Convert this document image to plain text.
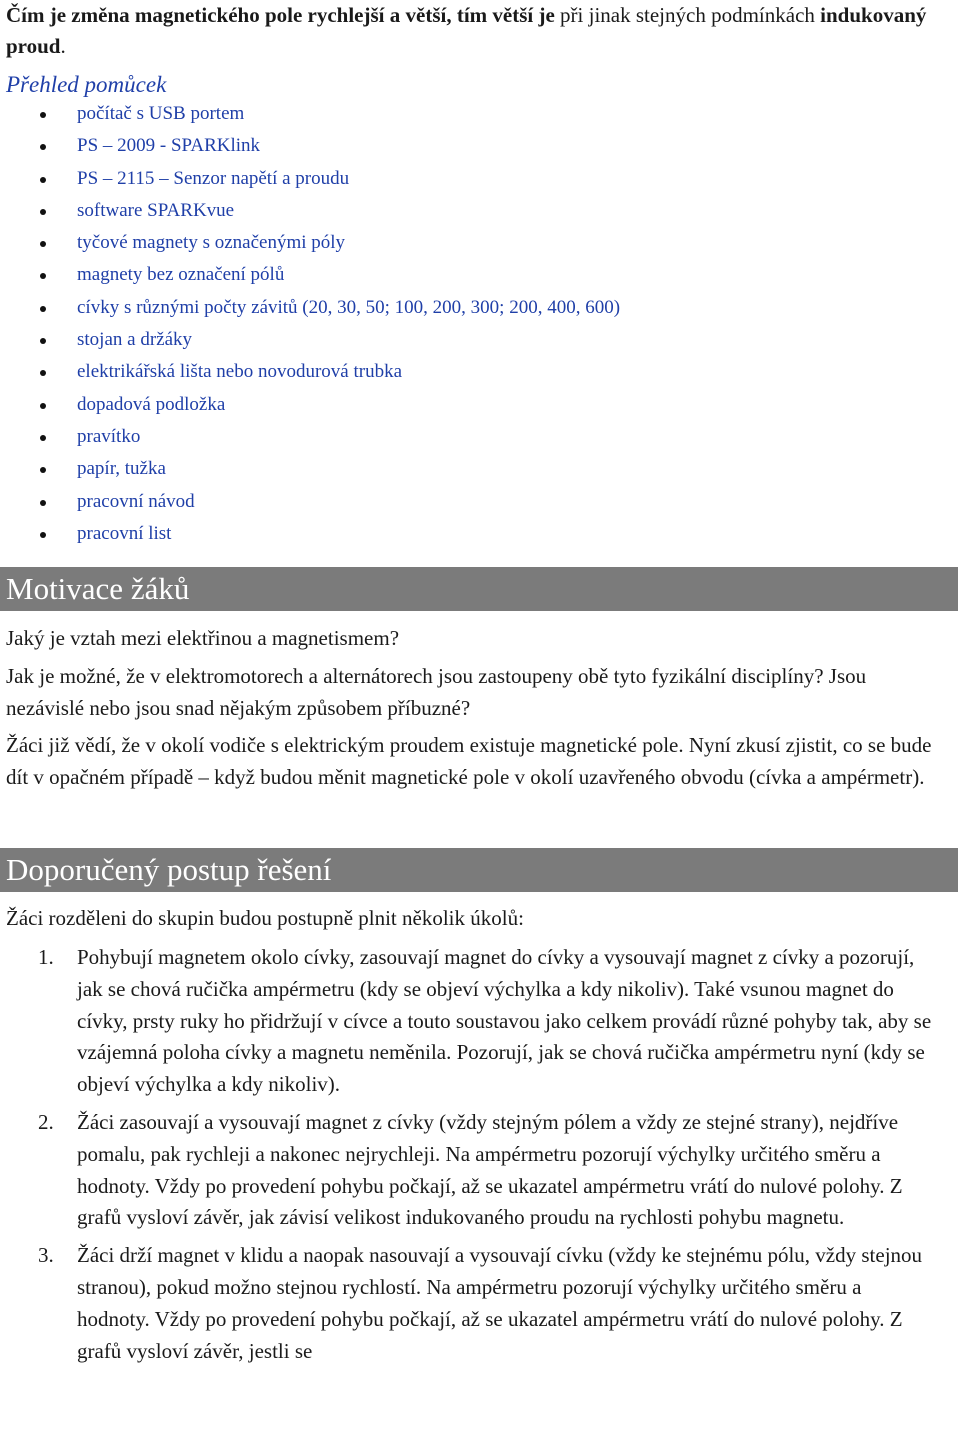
Čím je změna magnetického pole rychlejší a větší, tím větší je při jinak stejných podmínkách indukovaný proud.
Přehled pomůcek
počítač s USB portem
PS – 2009 - SPARKlink
PS – 2115 – Senzor napětí a proudu
software SPARKvue
tyčové magnety s označenými póly
magnety bez označení pólů
cívky s různými počty závitů (20, 30, 50; 100, 200, 300; 200, 400, 600)
stojan a držáky
elektrikářská lišta nebo novodurová trubka
dopadová podložka
pravítko
papír, tužka
pracovní návod
pracovní list
Motivace žáků

Jaký je vztah mezi elektřinou a magnetismem?

Jak je možné, že v elektromotorech a alternátorech jsou zastoupeny obě tyto fyzikální disciplíny? Jsou nezávislé nebo jsou snad nějakým způsobem příbuzné?

Žáci již vědí, že v okolí vodiče s elektrickým proudem existuje magnetické pole. Nyní zkusí zjistit, co se bude dít v opačném případě – když budou měnit magnetické pole v okolí uzavřeného obvodu (cívka a ampérmetr).

Doporučený postup řešení

Žáci rozděleni do skupin budou postupně plnit několik úkolů:

1. Pohybují magnetem okolo cívky, zasouvají magnet do cívky a vysouvají magnet z cívky a pozorují, jak se chová ručička ampérmetru (kdy se objeví výchylka a kdy nikoliv). Také vsunou magnet do cívky, prsty ruky ho přidržují v cívce a touto soustavou jako celkem provádí různé pohyby tak, aby se vzájemná poloha cívky a magnetu neměnila. Pozorují, jak se chová ručička ampérmetru nyní (kdy se objeví výchylka a kdy nikoliv).
2. Žáci zasouvají a vysouvají magnet z cívky (vždy stejným pólem a vždy ze stejné strany), nejdříve pomalu, pak rychleji a nakonec nejrychleji. Na ampérmetru pozorují výchylky určitého směru a hodnoty. Vždy po provedení pohybu počkají, až se ukazatel ampérmetru vrátí do nulové polohy. Z grafů vysloví závěr, jak závisí velikost indukovaného proudu na rychlosti pohybu magnetu.
3. Žáci drží magnet v klidu a naopak nasouvají a vysouvají cívku (vždy ke stejnému pólu, vždy stejnou stranou), pokud možno stejnou rychlostí. Na ampérmetru pozorují výchylky určitého směru a hodnoty. Vždy po provedení pohybu počkají, až se ukazatel ampérmetru vrátí do nulové polohy. Z grafů vysloví závěr, jestli se
